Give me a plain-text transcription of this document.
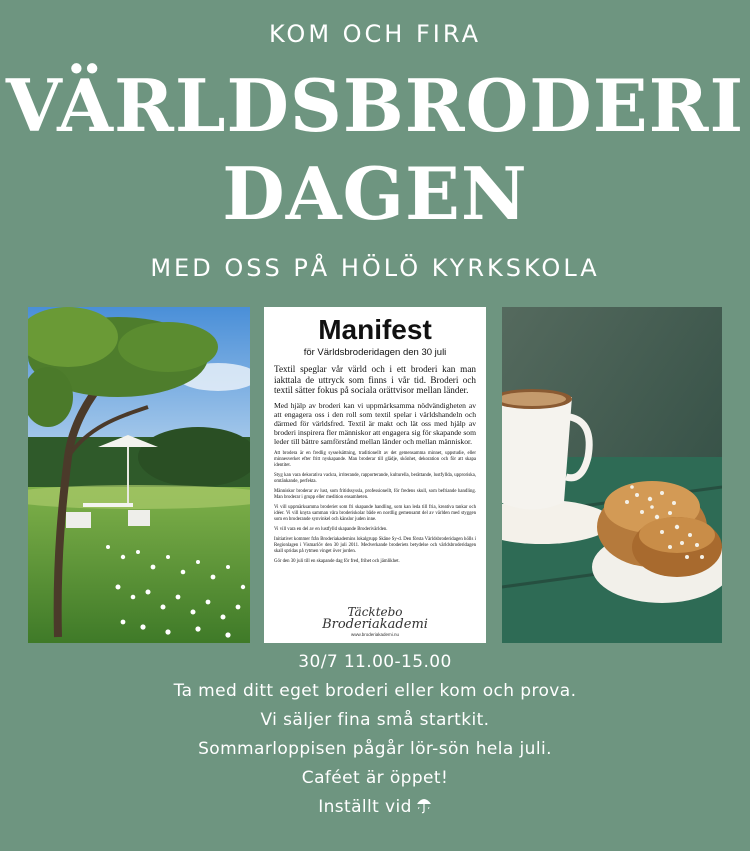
KOM OCH FIRA
VÄRLDSBRODERI
DAGEN
MED OSS PÅ HÖLÖ KYRKSKOLA
Manifest
för Världsbroderidagen den 30 juli

Textil speglar vår värld och i ett broderi kan man iakttala de uttryck som finns i vår tid. Broderi och textil sätter fokus på sociala orättvisor mellan länder.

Med hjälp av broderi kan vi uppmärksamma nödvändigheten av att engagera oss i den roll som textil spelar i världshandeln och därmed för världsfred. Textil är makt och lät oss med hjälp av broderi inspirera fler människor att engagera sig för skapande som leder till bättre samförstånd mellan länder och mellan människor.

Att brodera är en fredlig sysselsättning, traditionellt av det gemensamma minnet, uppstudie, eller minnesverket efter fritt nyskapande. Man broderar till glädje, skönhet, dekoration och för att skapa identitet.

Styg kan vara dekorativa vackra, irriterande, rapporterande, kulturella, berättande, lustfyllda, upproriska, omtänkande, perfekta.

Människor broderar av lust, som fritidssyssla, professionellt, för fredens skull, som befriande handling. Man broderar i grupp eller medition ensamheten.

Vi vill uppmärksamma broderiet som fri skapande handling, som kan leda till fria, kreativa tankar och idéer. Vi vill knyta samman våra broderiskolar både en nordlig gemensamt del av världen med styggen som en broderande synvinkel och känslor juden inne.

Vi vill vara en del av en lustfylld skapande Broderivärlden.

Initiativet kommer från Broderiakademins lokalgrupp Skåne Sy-d. Den första Världsbroderidagen hölls i Regionlagen i Vismarlöv den 30 juli 2011. Medverkande broderiets betydelse och världsbroderidagen skall spridas på rytmen vinget över jorden.

Gör den 30 juli till en skapande dag för fred, frihet och jämlikhet.

Täcktebo
Broderiakademi
www.broderiakademi.nu
30/7 11.00-15.00
Ta med ditt eget broderi eller kom och prova.
Vi säljer fina små startkit.
Sommarloppisen pågår lör-sön hela juli.
Caféet är öppet!
Inställt vid
